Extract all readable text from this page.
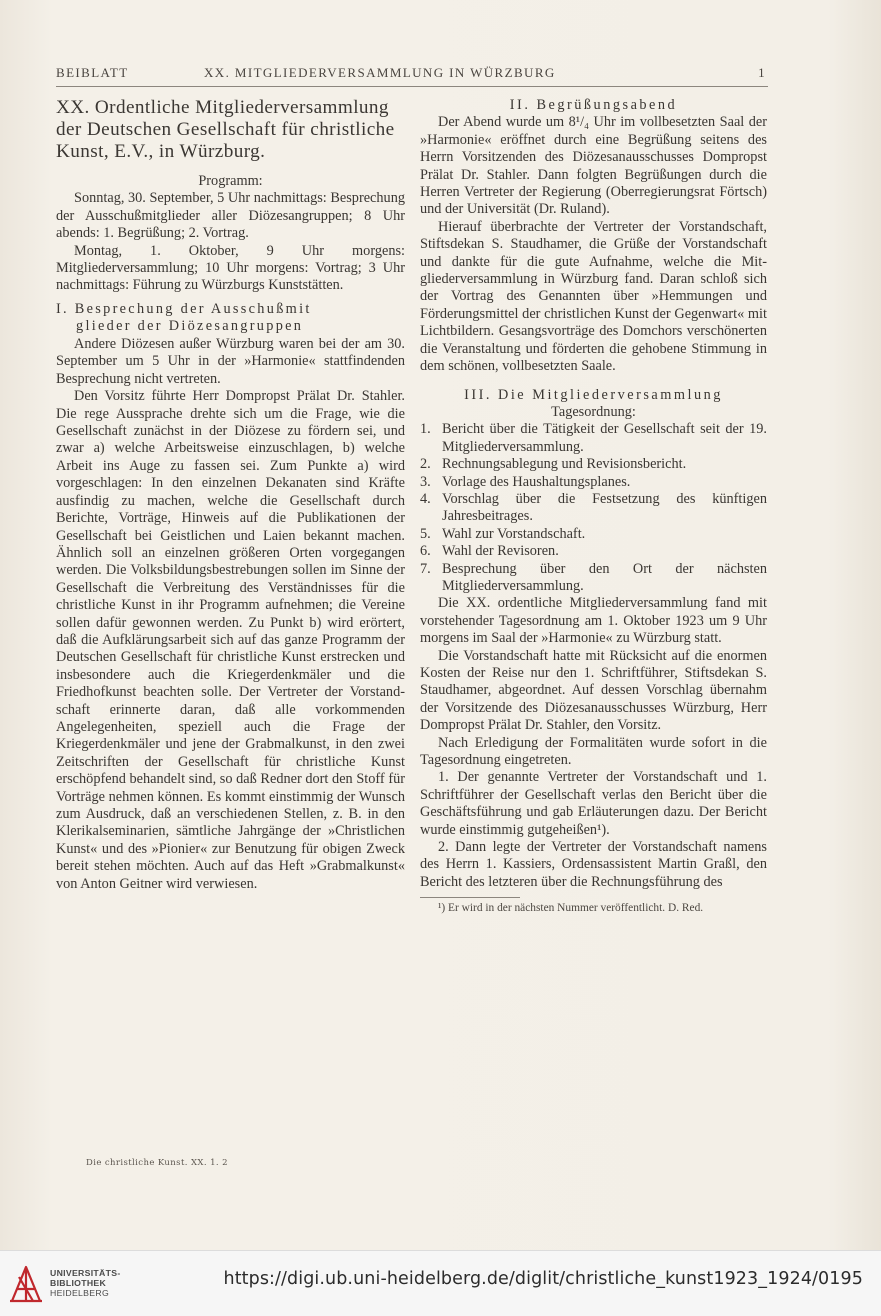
BEIBLATT	XX. MITGLIEDERVERSAMMLUNG IN WÜRZBURG	1
XX. Ordentliche Mitgliederversammlung der Deutschen Gesellschaft für christliche Kunst, E.V., in Würzburg.

Programm:

Sonntag, 30. September, 5 Uhr nachmittags: Besprechung der Ausschußmitglieder aller Diözesangruppen; 8 Uhr abends: 1. Begrüßung; 2. Vortrag.

Montag, 1. Oktober, 9 Uhr morgens: Mitgliederversammlung; 10 Uhr morgens: Vortrag; 3 Uhr nachmittags: Führung zu Würzburgs Kunststätten.

I. Besprechung der Ausschußmit
glieder der Diözesangruppen

Andere Diözesen außer Würzburg waren bei der am 30. September um 5 Uhr in der »Harmonie« stattfindenden Besprechung nicht vertreten.

Den Vorsitz führte Herr Dompropst Prälat Dr. Stahler. Die rege Aussprache drehte sich um die Frage, wie die Gesellschaft zunächst in der Diözese zu fördern sei, und zwar a) welche Arbeitsweise einzuschlagen, b) welche Arbeit ins Auge zu fassen sei. Zum Punkte a) wird vorgeschlagen: In den einzelnen Dekanaten sind Kräfte ausfindig zu machen, welche die Gesellschaft durch Berichte, Vorträge, Hinweis auf die Publikationen der Gesellschaft bei Geistlichen und Laien bekannt machen. Ähnlich soll an einzelnen größeren Orten vorgegangen werden. Die Volksbildungsbestrebungen sollen im Sinne der Gesellschaft die Verbreitung des Verständnisses für die christliche Kunst in ihr Programm aufnehmen; die Vereine sollen dafür gewonnen werden. Zu Punkt b) wird erörtert, daß die Aufklärungsarbeit sich auf das ganze Programm der Deutschen Gesellschaft für christliche Kunst erstrecken und insbesondere auch die Kriegerdenkmäler und die Friedhofkunst beachten solle. Der Vertreter der Vorstandschaft erinnerte daran, daß alle vorkommenden Angelegenheiten, speziell auch die Frage der Kriegerdenkmäler und jene der Grabmalkunst, in den zwei Zeitschriften der Gesellschaft für christliche Kunst erschöpfend behandelt sind, so daß Redner dort den Stoff für Vorträge nehmen können. Es kommt einstimmig der Wunsch zum Ausdruck, daß an verschiedenen Stellen, z. B. in den Klerikalseminarien, sämtliche Jahrgänge der »Christlichen Kunst« und des »Pionier« zur Benutzung für obigen Zweck bereit stehen möchten. Auch auf das Heft »Grabmalkunst« von Anton Geitner wird verwiesen.

II. Begrüßungsabend

Der Abend wurde um 8¹/₄ Uhr im vollbesetzten Saal der »Harmonie« eröffnet durch eine Begrüßung seitens des Herrn Vorsitzenden des Diözesanausschusses Dompropst Prälat Dr. Stahler. Dann folgten Begrüßungen durch die Herren Vertreter der Regierung (Oberregierungsrat Förtsch) und der Universität (Dr. Ruland).

Hierauf überbrachte der Vertreter der Vorstandschaft, Stiftsdekan S. Staudhamer, die Grüße der Vorstandschaft und dankte für die gute Aufnahme, welche die Mitgliederversammlung in Würzburg fand. Daran schloß sich der Vortrag des Genannten über »Hemmungen und Förderungsmittel der christlichen Kunst der Gegenwart« mit Lichtbildern. Gesangsvorträge des Domchors verschönerten die Veranstaltung und förderten die gehobene Stimmung in dem schönen, vollbesetzten Saale.

III. Die Mitgliederversammlung

Tagesordnung:

1. Bericht über die Tätigkeit der Gesellschaft seit der 19. Mitgliederversammlung.
2. Rechnungsablegung und Revisionsbericht.
3. Vorlage des Haushaltungsplanes.
4. Vorschlag über die Festsetzung des künftigen Jahresbeitrages.
5. Wahl zur Vorstandschaft.
6. Wahl der Revisoren.
7. Besprechung über den Ort der nächsten Mitgliederversammlung.

Die XX. ordentliche Mitgliederversammlung fand mit vorstehender Tagesordnung am 1. Oktober 1923 um 9 Uhr morgens im Saal der »Harmonie« zu Würzburg statt.

Die Vorstandschaft hatte mit Rücksicht auf die enormen Kosten der Reise nur den 1. Schriftführer, Stiftsdekan S. Staudhamer, abgeordnet. Auf dessen Vorschlag übernahm der Vorsitzende des Diözesanausschusses Würzburg, Herr Dompropst Prälat Dr. Stahler, den Vorsitz.

Nach Erledigung der Formalitäten wurde sofort in die Tagesordnung eingetreten.

1. Der genannte Vertreter der Vorstandschaft und 1. Schriftführer der Gesellschaft verlas den Bericht über die Geschäftsführung und gab Erläuterungen dazu. Der Bericht wurde einstimmig gutgeheißen¹).

2. Dann legte der Vertreter der Vorstandschaft namens des Herrn 1. Kassiers, Ordensassistent Martin Graßl, den Bericht des letzteren über die Rechnungsführung des

¹) Er wird in der nächsten Nummer veröffentlicht. D. Red.

Die christliche Kunst. XX. 1. 2
UNIVERSITÄTS-
BIBLIOTHEK
HEIDELBERG
https://digi.ub.uni-heidelberg.de/diglit/christliche_kunst1923_1924/0195
